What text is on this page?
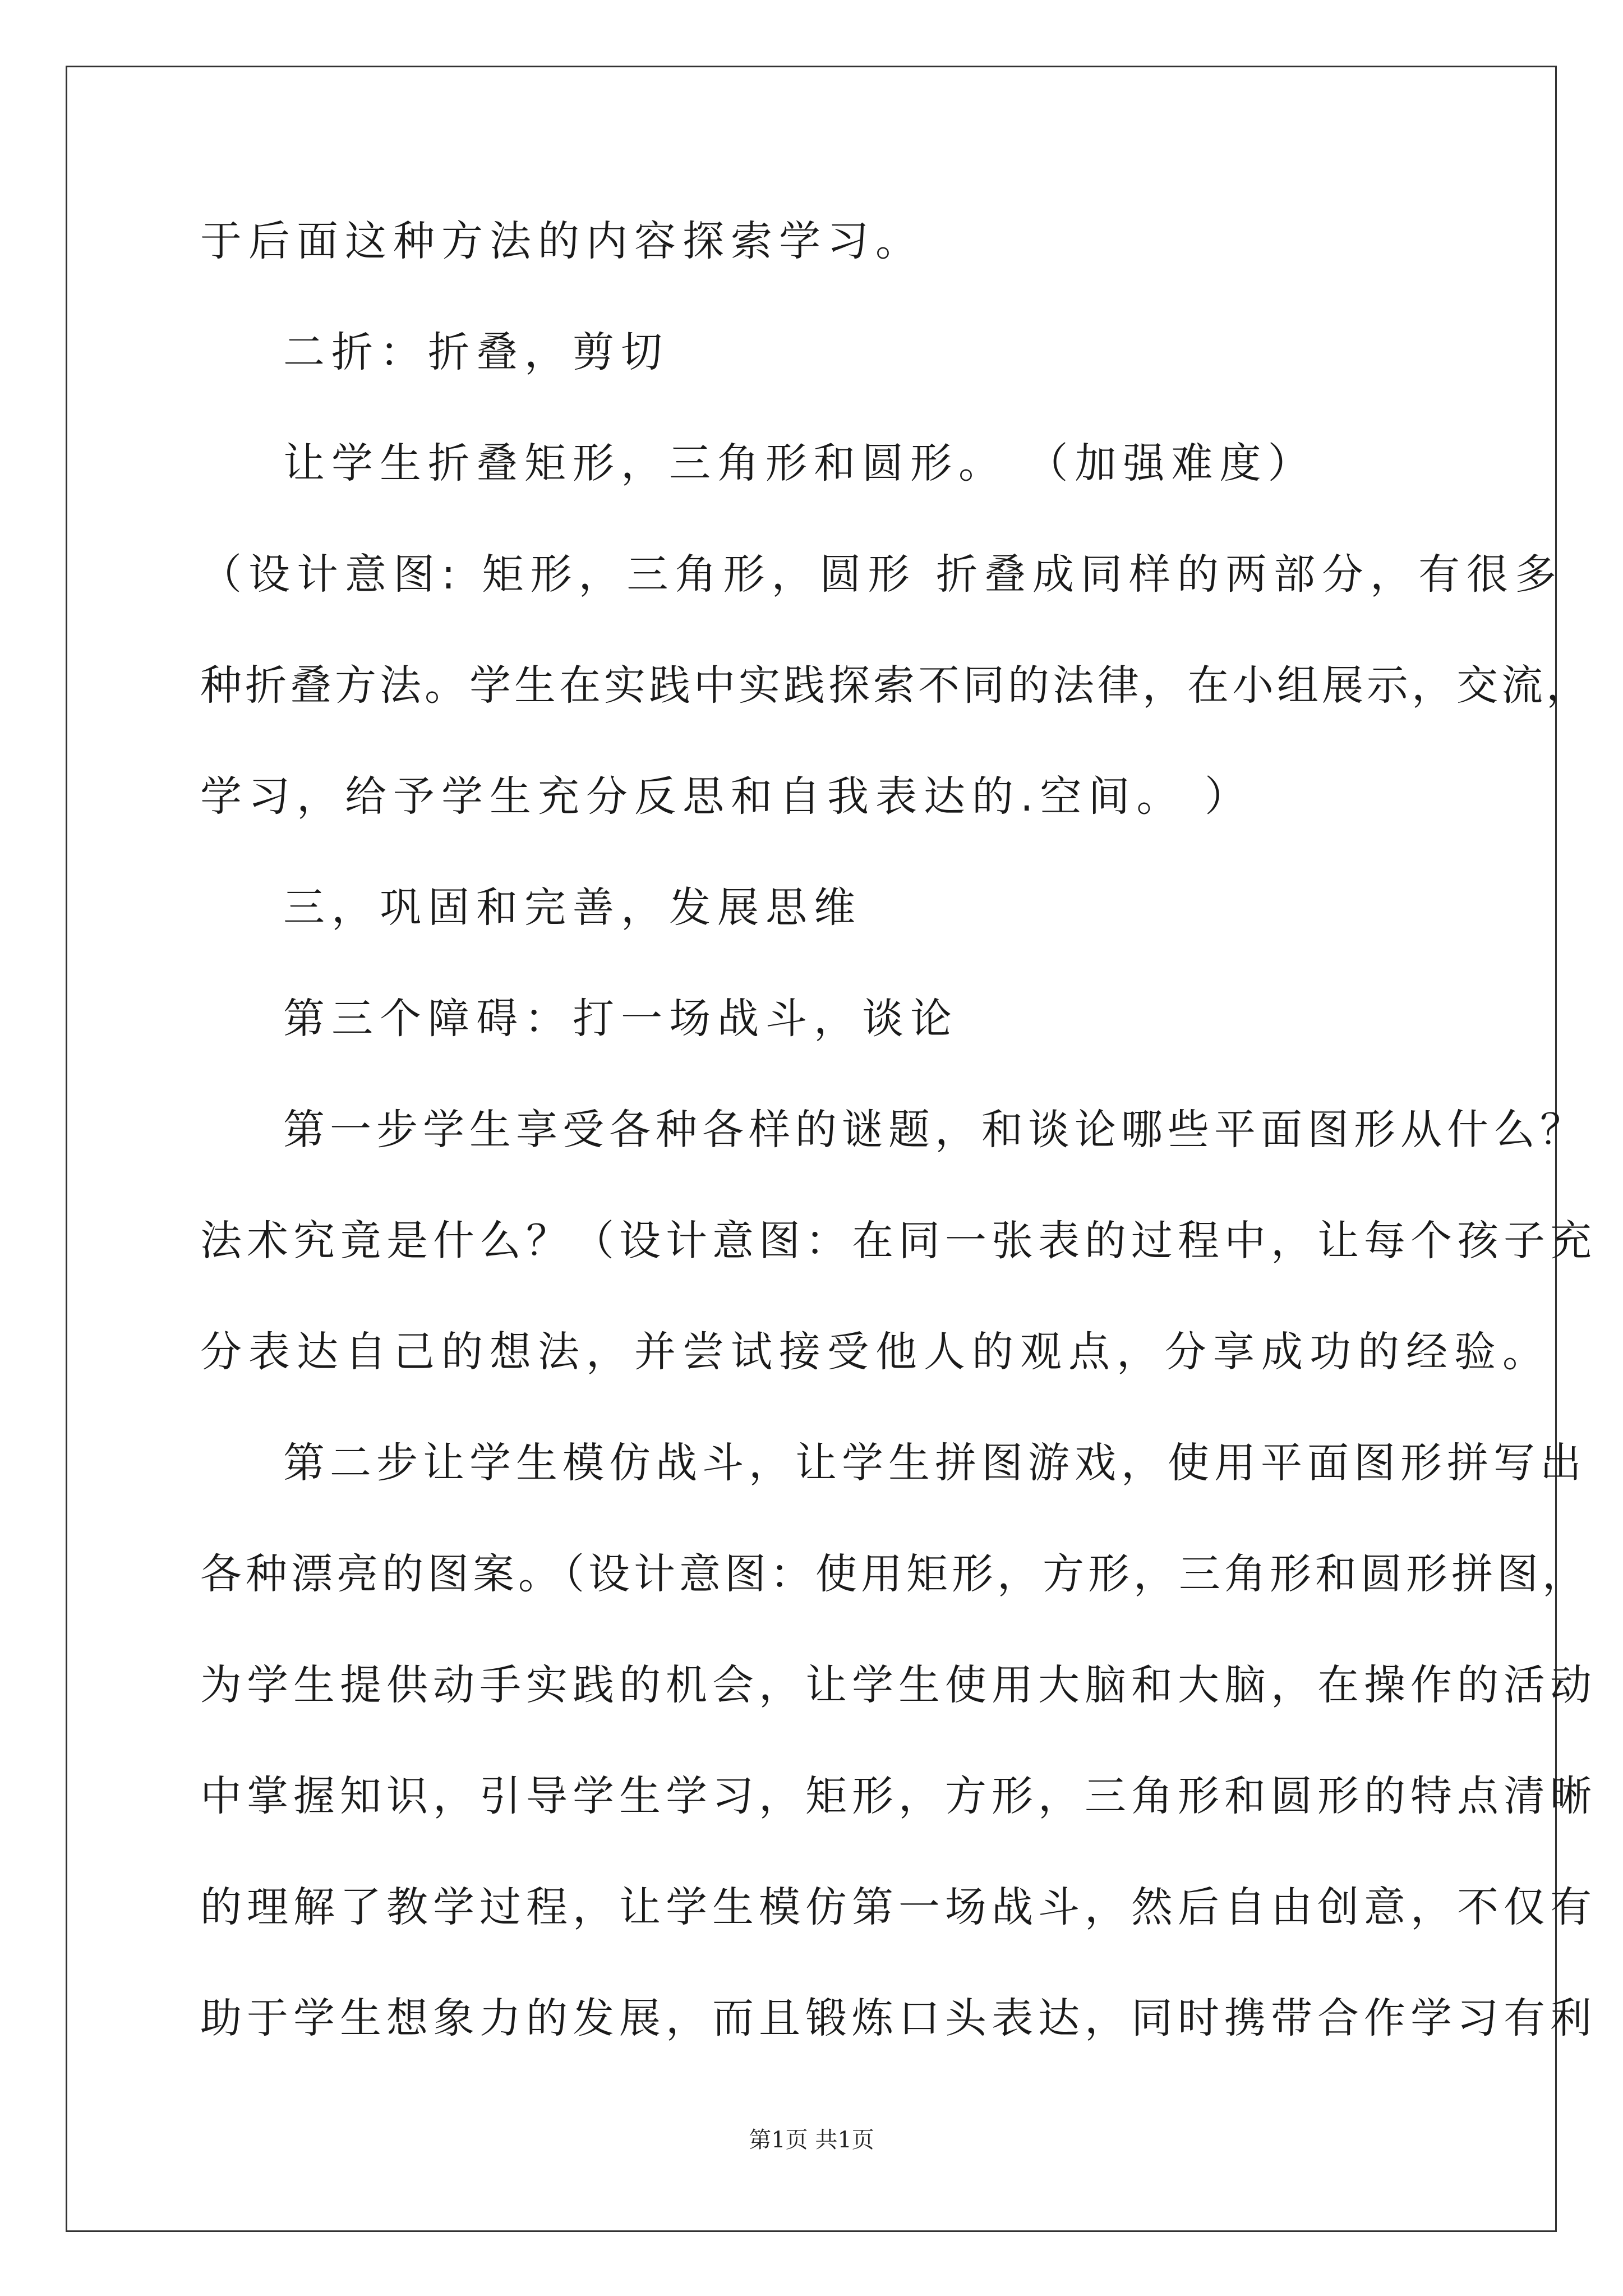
于后面这种方法的内容探索学习。
二折：折叠，剪切
让学生折叠矩形，三角形和圆形。 （加强难度）
（设计意图: 矩形，三角形，圆形 折叠成同样的两部分，有很多
种折叠方法。学生在实践中实践探索不同的法律，在小组展示，交流，
学习，给予学生充分反思和自我表达的.空间。 ）
三，巩固和完善，发展思维
第三个障碍：打一场战斗，谈论
第一步学生享受各种各样的谜题，和谈论哪些平面图形从什么？
法术究竟是什么？（设计意图：在同一张表的过程中，让每个孩子充
分表达自己的想法，并尝试接受他人的观点，分享成功的经验。
第二步让学生模仿战斗，让学生拼图游戏，使用平面图形拼写出
各种漂亮的图案。（设计意图：使用矩形，方形，三角形和圆形拼图，
为学生提供动手实践的机会，让学生使用大脑和大脑，在操作的活动
中掌握知识，引导学生学习，矩形，方形，三角形和圆形的特点清晰
的理解了教学过程，让学生模仿第一场战斗，然后自由创意，不仅有
助于学生想象力的发展，而且锻炼口头表达，同时携带合作学习有利
第1页 共1页
